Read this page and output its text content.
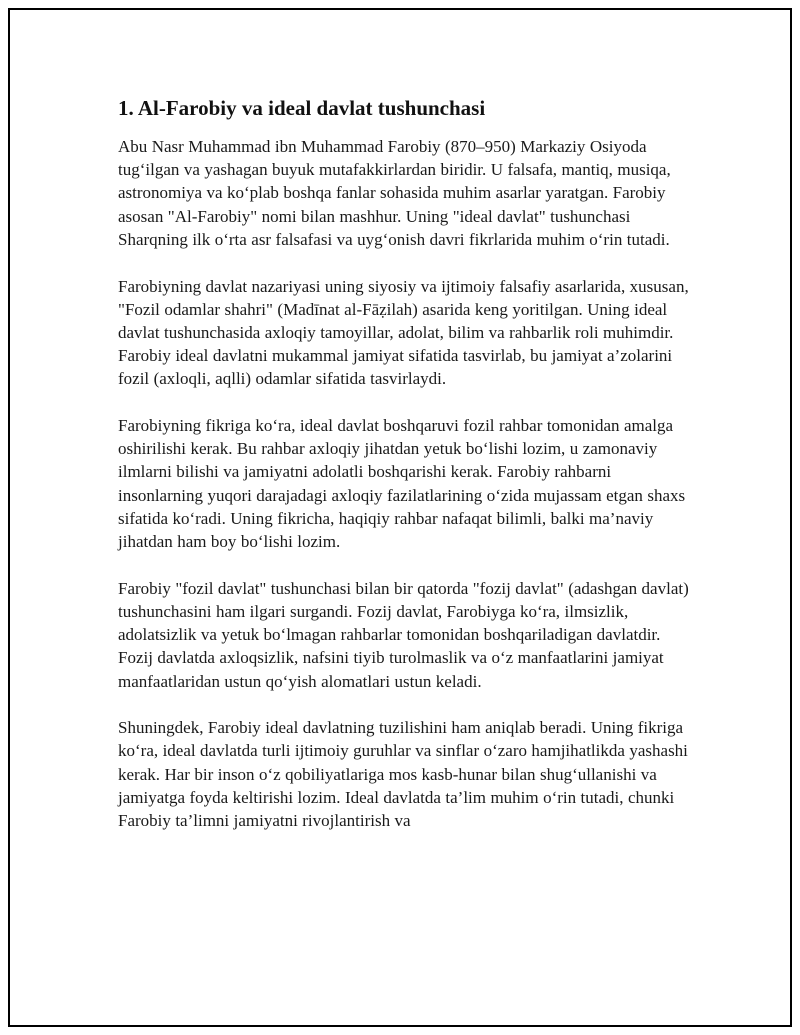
1. Al-Farobiy va ideal davlat tushunchasi

Abu Nasr Muhammad ibn Muhammad Farobiy (870–950) Markaziy Osiyoda tug‘ilgan va yashagan buyuk mutafakkirlardan biridir. U falsafa, mantiq, musiqa, astronomiya va ko‘plab boshqa fanlar sohasida muhim asarlar yaratgan. Farobiy asosan "Al-Farobiy" nomi bilan mashhur. Uning "ideal davlat" tushunchasi Sharqning ilk o‘rta asr falsafasi va uyg‘onish davri fikrlarida muhim o‘rin tutadi.

Farobiyning davlat nazariyasi uning siyosiy va ijtimoiy falsafiy asarlarida, xususan, "Fozil odamlar shahri" (Madīnat al-Fāẓilah) asarida keng yoritilgan. Uning ideal davlat tushunchasida axloqiy tamoyillar, adolat, bilim va rahbarlik roli muhimdir. Farobiy ideal davlatni mukammal jamiyat sifatida tasvirlab, bu jamiyat a’zolarini fozil (axloqli, aqlli) odamlar sifatida tasvirlaydi.

Farobiyning fikriga ko‘ra, ideal davlat boshqaruvi fozil rahbar tomonidan amalga oshirilishi kerak. Bu rahbar axloqiy jihatdan yetuk bo‘lishi lozim, u zamonaviy ilmlarni bilishi va jamiyatni adolatli boshqarishi kerak. Farobiy rahbarni insonlarning yuqori darajadagi axloqiy fazilatlarining o‘zida mujassam etgan shaxs sifatida ko‘radi. Uning fikricha, haqiqiy rahbar nafaqat bilimli, balki ma’naviy jihatdan ham boy bo‘lishi lozim.

Farobiy "fozil davlat" tushunchasi bilan bir qatorda "fozij davlat" (adashgan davlat) tushunchasini ham ilgari surgandi. Fozij davlat, Farobiyga ko‘ra, ilmsizlik, adolatsizlik va yetuk bo‘lmagan rahbarlar tomonidan boshqariladigan davlatdir. Fozij davlatda axloqsizlik, nafsini tiyib turolmaslik va o‘z manfaatlarini jamiyat manfaatlaridan ustun qo‘yish alomatlari ustun keladi.

Shuningdek, Farobiy ideal davlatning tuzilishini ham aniqlab beradi. Uning fikriga ko‘ra, ideal davlatda turli ijtimoiy guruhlar va sinflar o‘zaro hamjihatlikda yashashi kerak. Har bir inson o‘z qobiliyatlariga mos kasb-hunar bilan shug‘ullanishi va jamiyatga foyda keltirishi lozim. Ideal davlatda ta’lim muhim o‘rin tutadi, chunki Farobiy ta’limni jamiyatni rivojlantirish va
